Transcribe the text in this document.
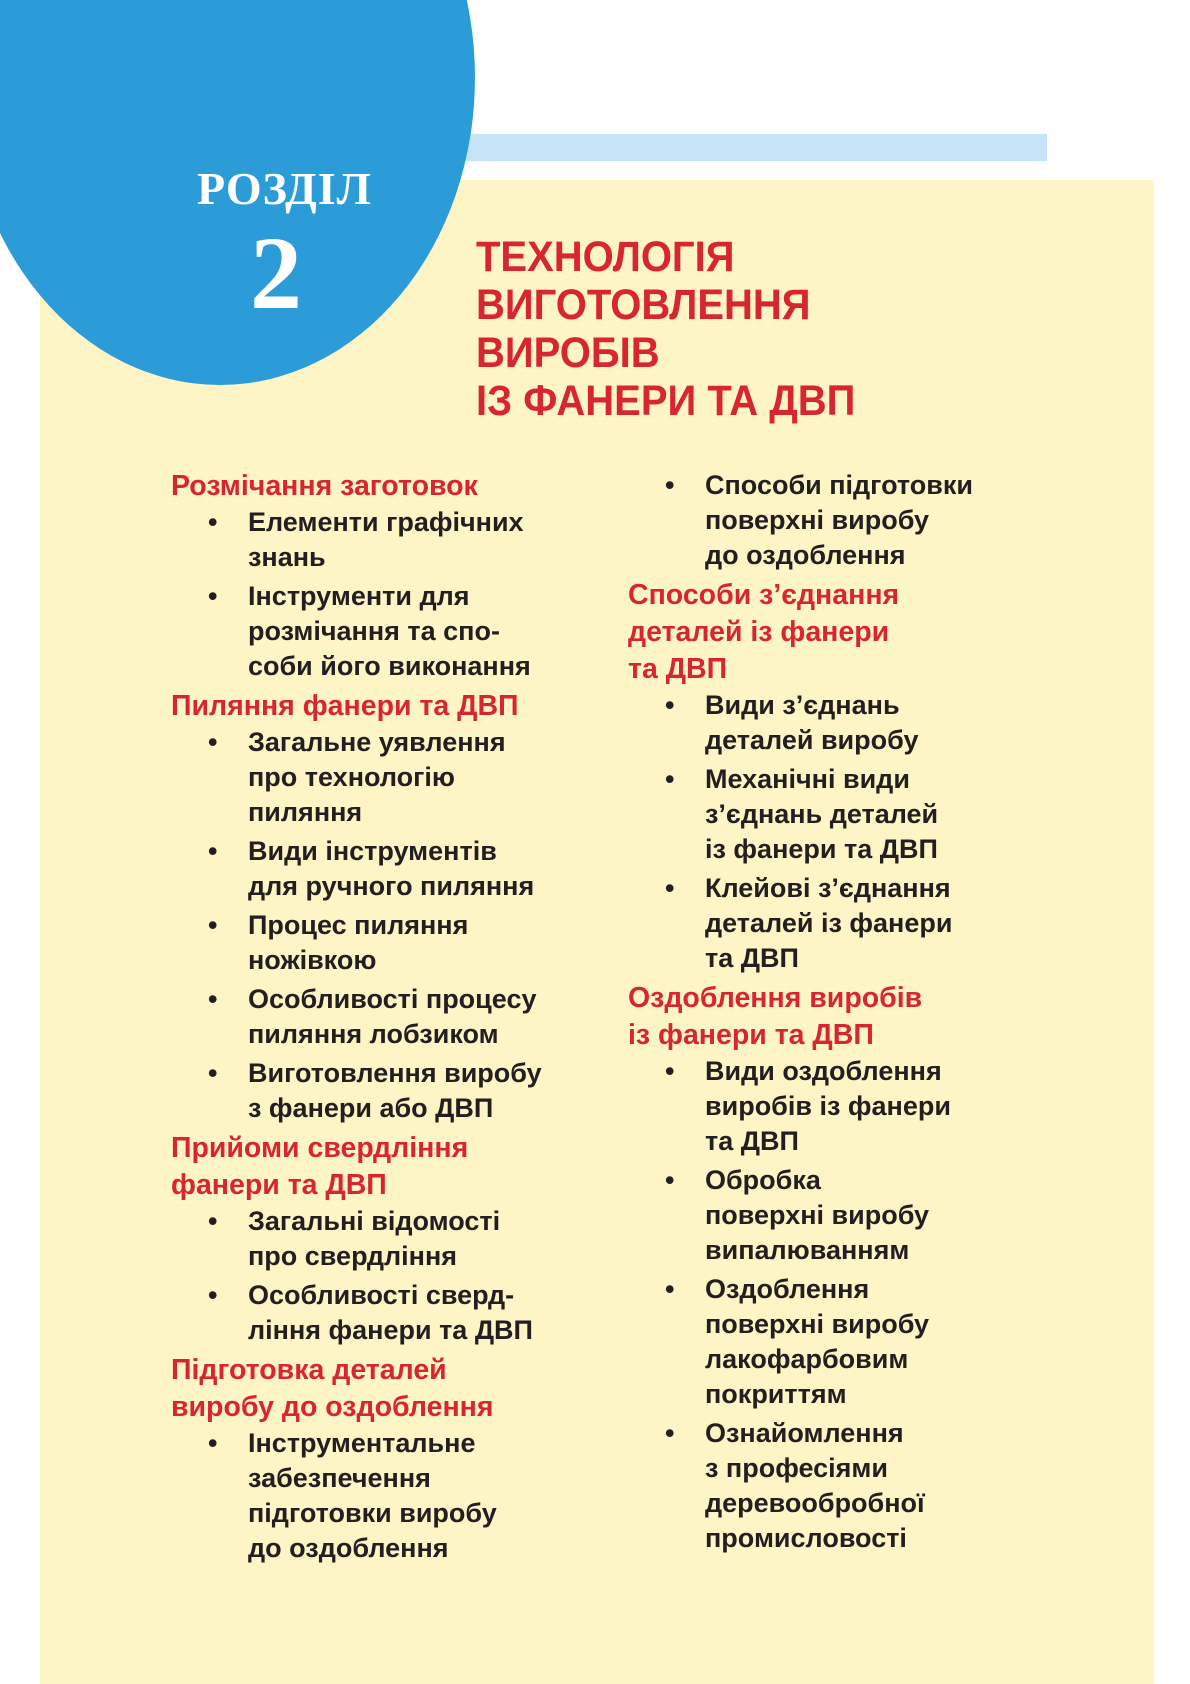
РОЗДІЛ
2	ТЕХНОЛОГІЯ
ВИГОТОВЛЕННЯ
ВИРОБІВ
ІЗ ФАНЕРИ ТА ДВП
Розмічання заготовок
• Елементи графічних
знань
• Інструменти для
розмічання та спо-
соби його виконання
Пиляння фанери та ДВП
• Загальне уявлення
про технологію
пиляння
• Види інструментів
для ручного пиляння
• Процес пиляння
ножівкою
• Особливості процесу
пиляння лобзиком
• Виготовлення виробу
з фанери або ДВП
Прийоми свердління
фанери та ДВП
• Загальні відомості
про свердління
• Особливості сверд-
ління фанери та ДВП
Підготовка деталей
виробу до оздоблення
• Інструментальне
забезпечення
підготовки виробу
до оздоблення
• Способи підготовки
поверхні виробу
до оздоблення
Способи з’єднання
деталей із фанери
та ДВП
• Види з’єднань
деталей виробу
• Механічні види
з’єднань деталей
із фанери та ДВП
• Клейові з’єднання
деталей із фанери
та ДВП
Оздоблення виробів
із фанери та ДВП
• Види оздоблення
виробів із фанери
та ДВП
• Обробка
поверхні виробу
випалюванням
• Оздоблення
поверхні виробу
лакофарбовим
покриттям
• Ознайомлення
з професіями
деревообробної
промисловості
